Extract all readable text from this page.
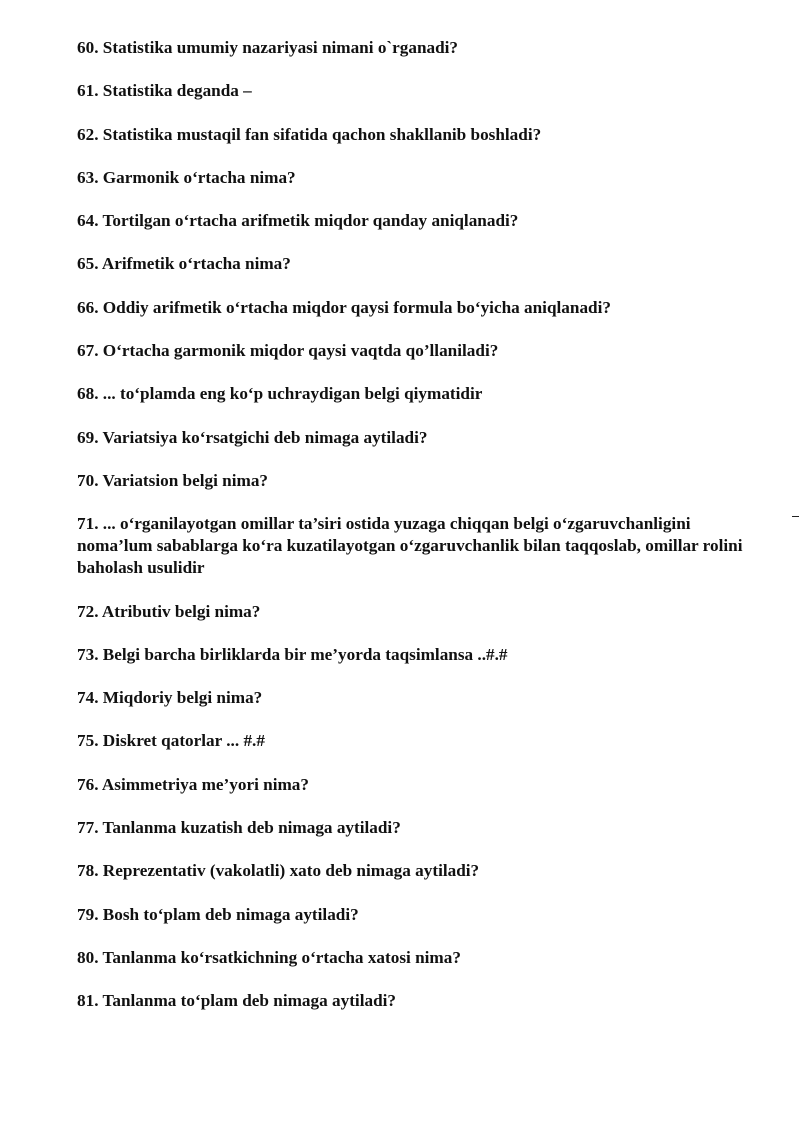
60. Statistika umumiy nazariyasi nimani o`rganadi?
61. Statistika deganda –
62. Statistika mustaqil fan sifatida qachon shakllanib boshladi?
63. Garmonik o‘rtacha nima?
64. Tortilgan o‘rtacha arifmetik miqdor qanday aniqlanadi?
65. Arifmetik o‘rtacha nima?
66. Oddiy arifmetik o‘rtacha miqdor qaysi formula bo‘yicha aniqlanadi?
67. O‘rtacha garmonik miqdor qaysi vaqtda qo’llaniladi?
68. ... to‘plamda eng ko‘p uchraydigan belgi qiymatidir
69. Variatsiya ko‘rsatgichi deb nimaga aytiladi?
70. Variatsion belgi nima?
71. ... o‘rganilayotgan omillar ta’siri ostida yuzaga chiqqan belgi o‘zgaruvchanligini noma’lum sabablarga ko‘ra kuzatilayotgan o‘zgaruvchanlik bilan taqqoslab, omillar rolini baholash usulidir
72. Atributiv belgi nima?
73. Belgi barcha birliklarda bir me’yorda taqsimlansa ..#.#
74. Miqdoriy belgi nima?
75. Diskret qatorlar ... #.#
76. Asimmetriya me’yori nima?
77. Tanlanma kuzatish deb nimaga aytiladi?
78. Reprezentativ (vakolatli) xato deb nimaga aytiladi?
79. Bosh to‘plam deb nimaga aytiladi?
80. Tanlanma ko‘rsatkichning o‘rtacha xatosi nima?
81. Tanlanma to‘plam deb nimaga aytiladi?
